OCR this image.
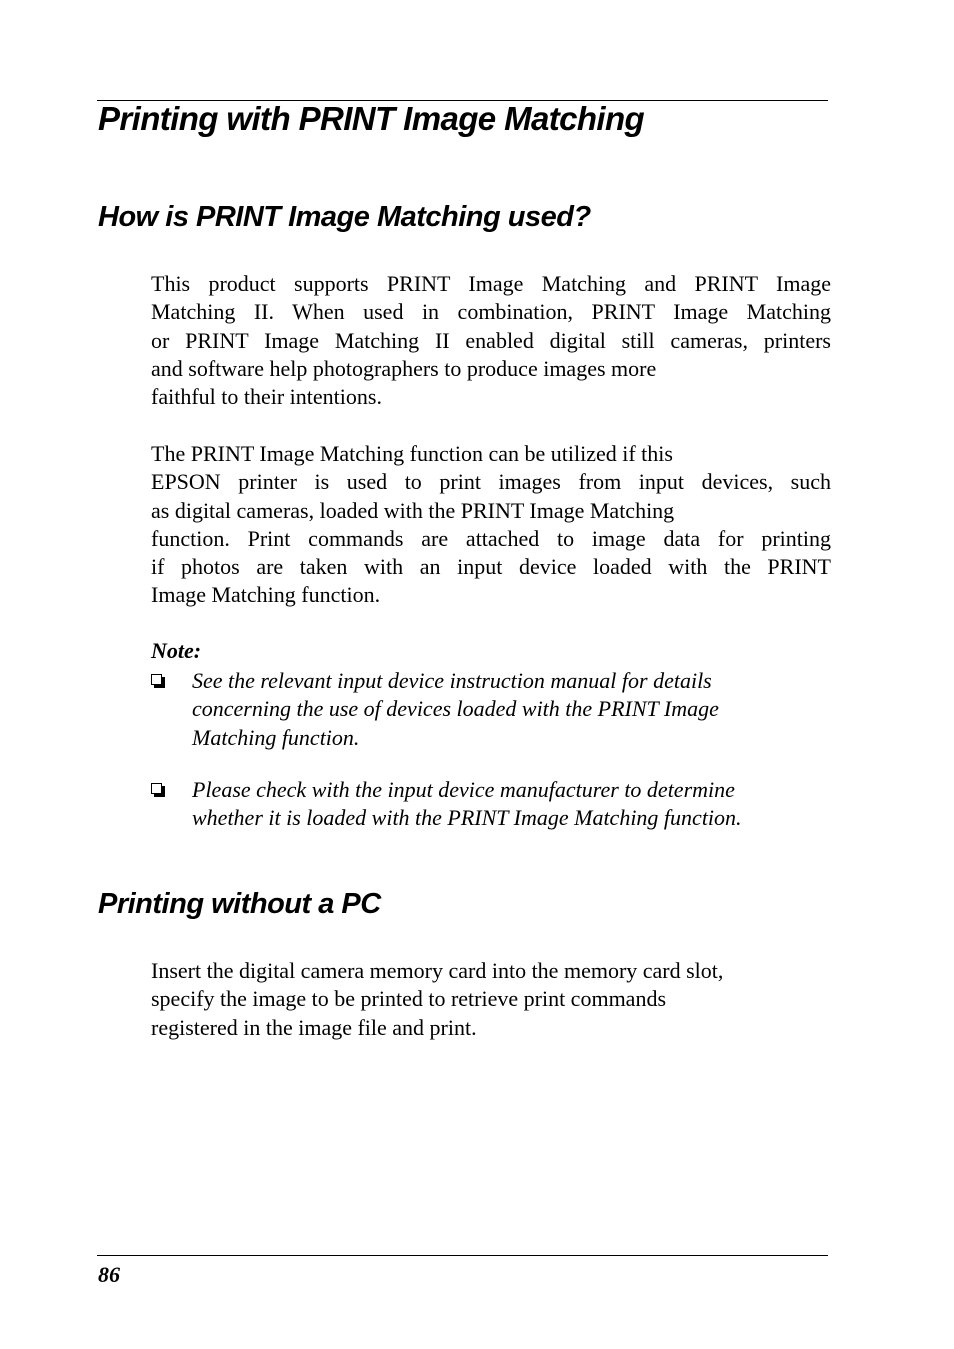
Printing with PRINT Image Matching
How is PRINT Image Matching used?

This product supports PRINT Image Matching and PRINT Image
Matching II. When used in combination, PRINT Image Matching
or PRINT Image Matching II enabled digital still cameras, printers
and software help photographers to produce images more
faithful to their intentions.

The PRINT Image Matching function can be utilized if this
EPSON printer is used to print images from input devices, such
as digital cameras, loaded with the PRINT Image Matching
function. Print commands are attached to image data for printing
if photos are taken with an input device loaded with the PRINT
Image Matching function.

Note:

See the relevant input device instruction manual for details
concerning the use of devices loaded with the PRINT Image
Matching function.
Please check with the input device manufacturer to determine
whether it is loaded with the PRINT Image Matching function.
Printing without a PC

Insert the digital camera memory card into the memory card slot,
specify the image to be printed to retrieve print commands
registered in the image file and print.

86
